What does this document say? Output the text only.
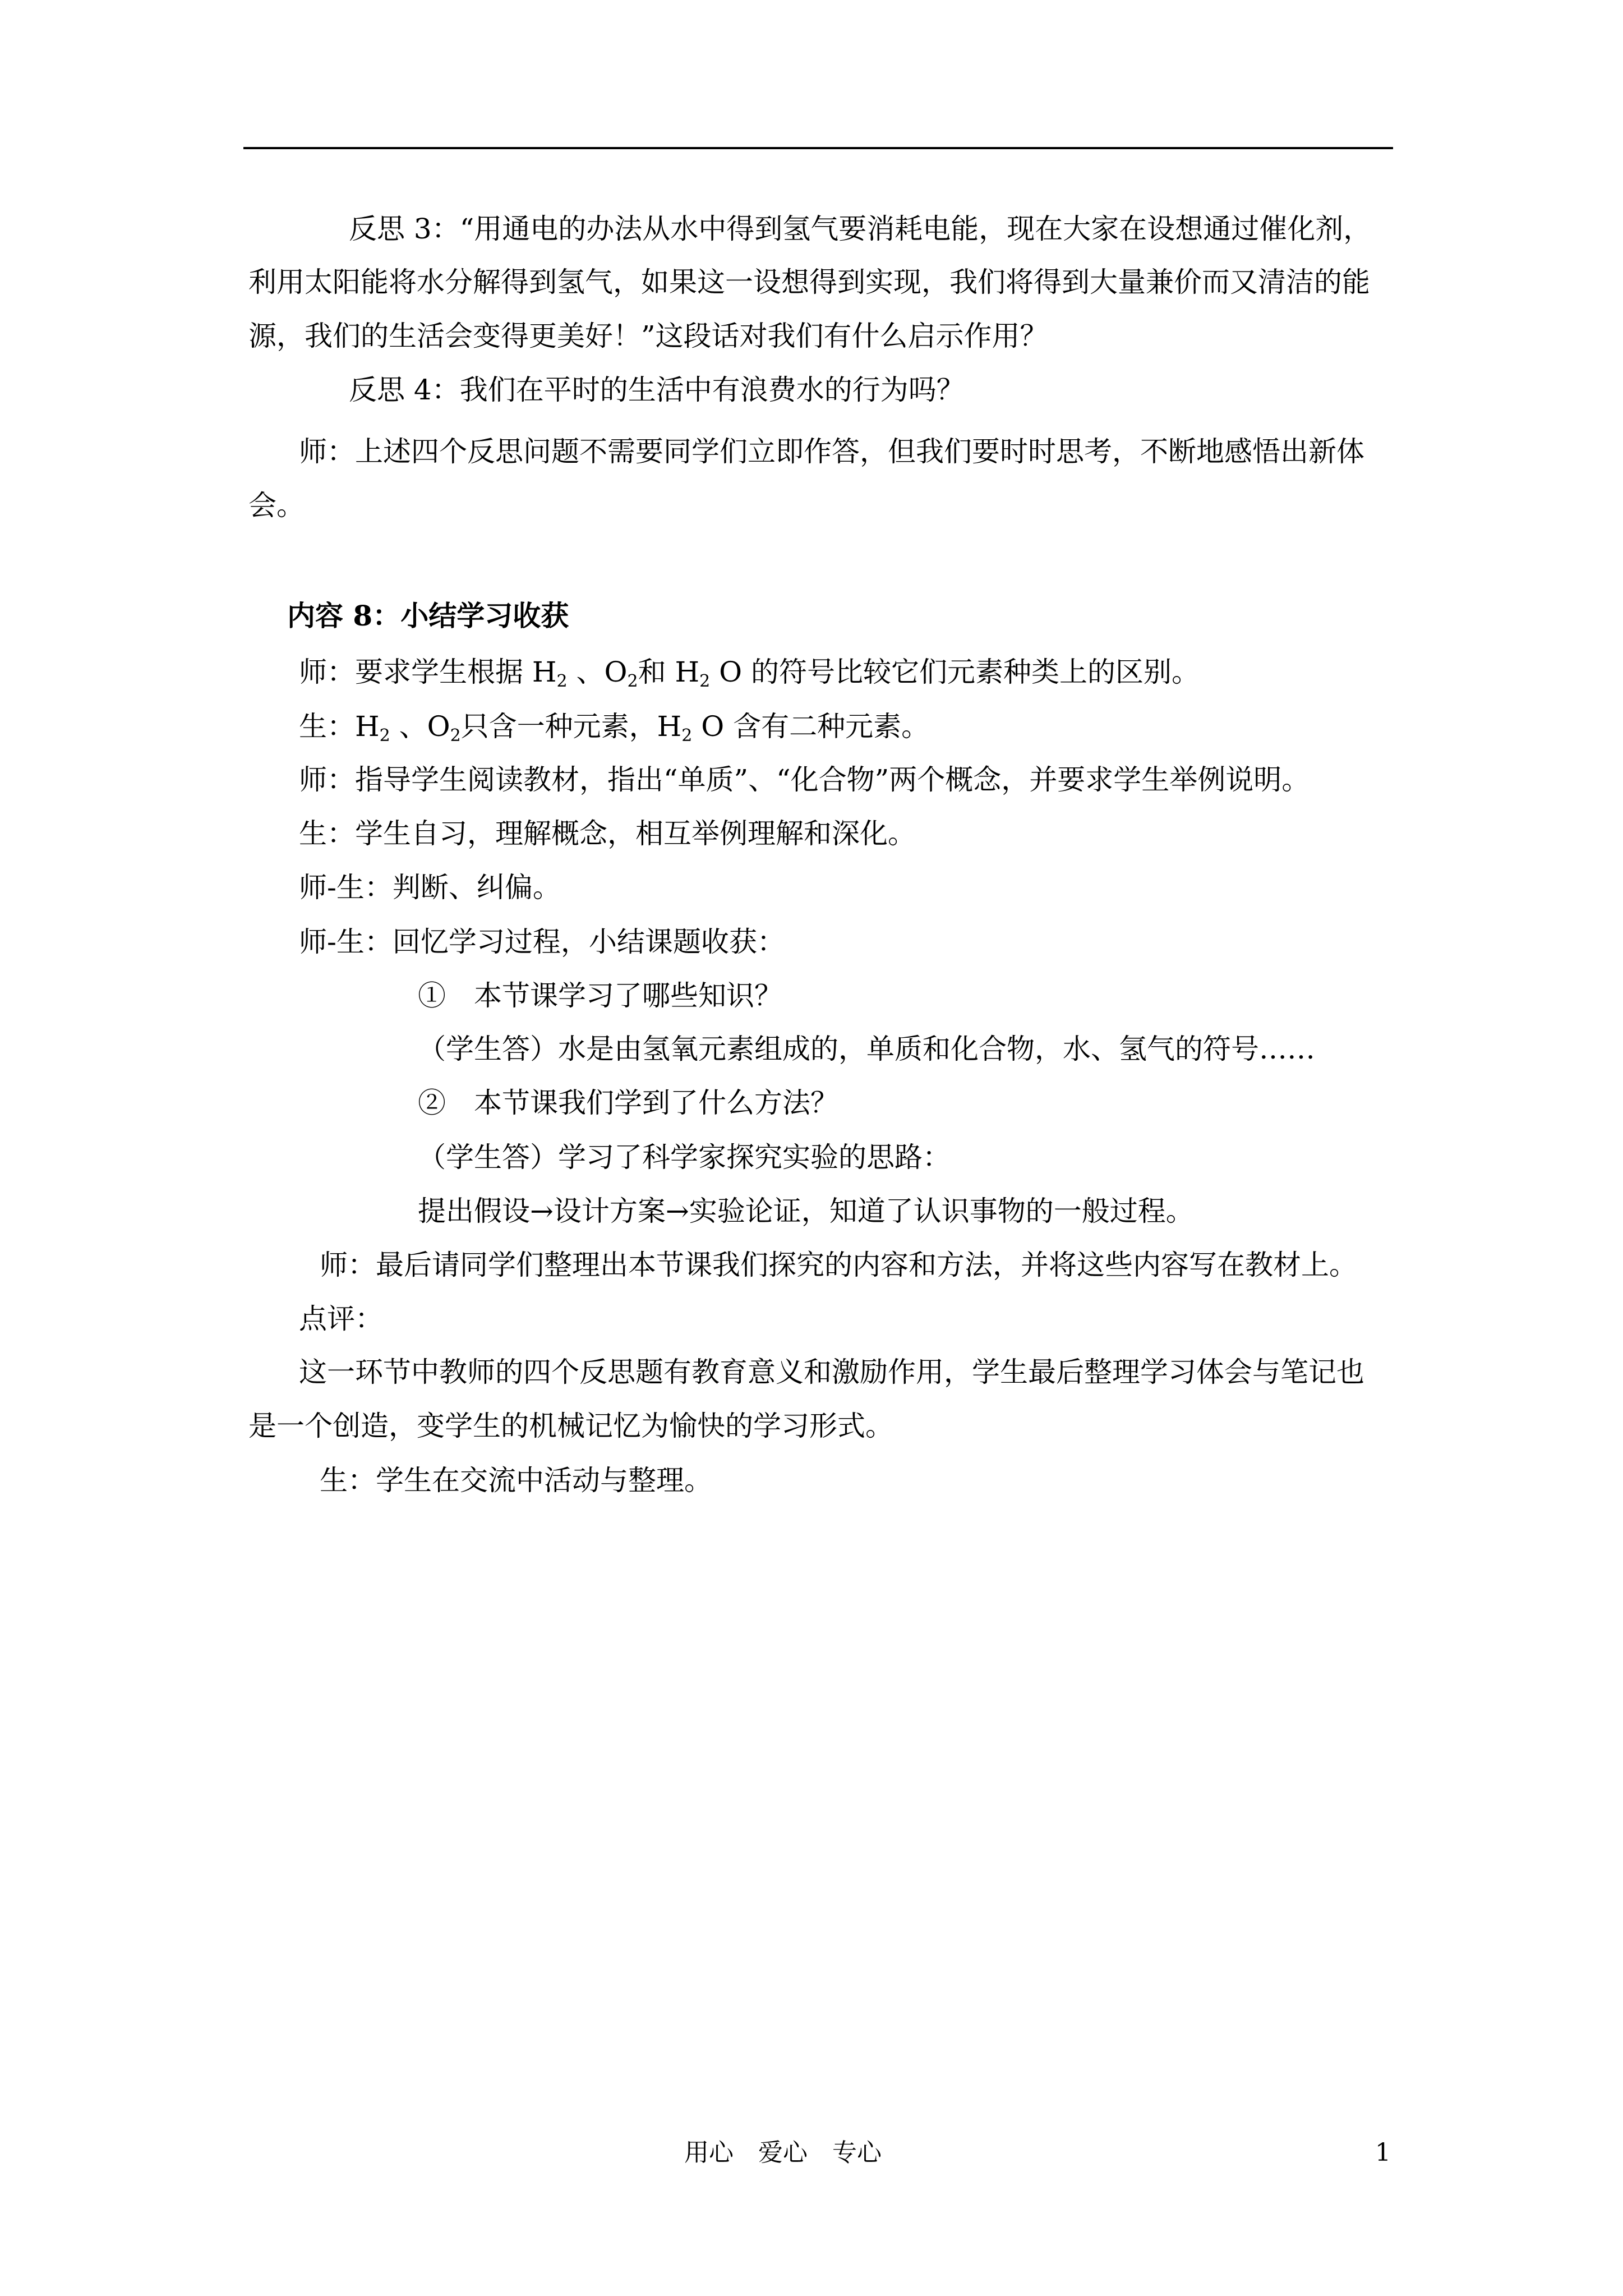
反思 3：“用通电的办法从水中得到氢气要消耗电能，现在大家在设想通过催化剂，
利用太阳能将水分解得到氢气，如果这一设想得到实现，我们将得到大量兼价而又清洁的能
源，我们的生活会变得更美好！”这段话对我们有什么启示作用？
反思 4：我们在平时的生活中有浪费水的行为吗？
师：上述四个反思问题不需要同学们立即作答，但我们要时时思考，不断地感悟出新体
会。
内容 8：小结学习收获
师：要求学生根据 $H_2$ 、$O_2$和 $H_2$ O 的符号比较它们元素种类上的区别。
生：$H_2$ 、$O_2$只含一种元素，$H_2$ O 含有二种元素。
师：指导学生阅读教材，指出“单质”、“化合物”两个概念，并要求学生举例说明。
生：学生自习，理解概念，相互举例理解和深化。
师-生：判断、纠偏。
师-生：回忆学习过程，小结课题收获：
①　本节课学习了哪些知识？
（学生答）水是由氢氧元素组成的，单质和化合物，水、氢气的符号……
②　本节课我们学到了什么方法？
（学生答）学习了科学家探究实验的思路：
提出假设→设计方案→实验论证，知道了认识事物的一般过程。
师：最后请同学们整理出本节课我们探究的内容和方法，并将这些内容写在教材上。
点评：
这一环节中教师的四个反思题有教育意义和激励作用，学生最后整理学习体会与笔记也
是一个创造，变学生的机械记忆为愉快的学习形式。
生：学生在交流中活动与整理。
用心　爱心　专心	1
